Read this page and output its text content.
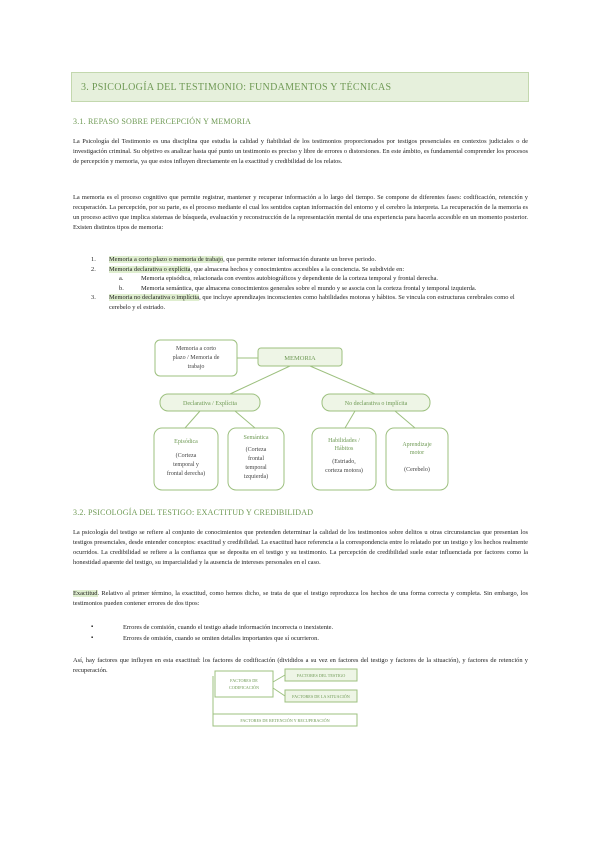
3. PSICOLOGÍA DEL TESTIMONIO: FUNDAMENTOS Y TÉCNICAS
3.1. REPASO SOBRE PERCEPCIÓN Y MEMORIA
La Psicología del Testimonio es una disciplina que estudia la calidad y fiabilidad de los testimonios proporcionados por testigos presenciales en contextos judiciales o de investigación criminal. Su objetivo es analizar hasta qué punto un testimonio es preciso y libre de errores o distorsiones. En este ámbito, es fundamental comprender los procesos de percepción y memoria, ya que estos influyen directamente en la exactitud y credibilidad de los relatos.
La memoria es el proceso cognitivo que permite registrar, mantener y recuperar información a lo largo del tiempo. Se compone de diferentes fases: codificación, retención y recuperación. La percepción, por su parte, es el proceso mediante el cual los sentidos captan información del entorno y el cerebro la interpreta. La recuperación de la memoria es un proceso activo que implica sistemas de búsqueda, evaluación y reconstrucción de la representación mental de una experiencia para hacerla accesible en un momento posterior. Existen distintos tipos de memoria:
1. Memoria a corto plazo o memoria de trabajo, que permite retener información durante un breve periodo.
2. Memoria declarativa o explícita, que almacena hechos y conocimientos accesibles a la conciencia. Se subdivide en:
a.	Memoria episódica, relacionada con eventos autobiográficos y dependiente de la corteza temporal y frontal derecha.
b.	Memoria semántica, que almacena conocimientos generales sobre el mundo y se asocia con la corteza frontal y temporal izquierda.
3. Memoria no declarativa o implícita, que incluye aprendizajes inconscientes como habilidades motoras y hábitos. Se vincula con estructuras cerebrales como el cerebelo y el estriado.
Memoria a corto
plazo / Memoria de
trabajo
MEMORIA
Declarativa / Explícita	No declarativa o implícita
Episódica
(Corteza
temporal y
frontal derecha)
Semántica
(Corteza
frontal
temporal
izquierda)
Habilidades /
Hábitos
(Estriado,
corteza motora)
Aprendizaje
motor
(Cerebelo)
3.2. PSICOLOGÍA DEL TESTIGO: EXACTITUD Y CREDIBILIDAD
La psicología del testigo se refiere al conjunto de conocimientos que pretenden determinar la calidad de los testimonios sobre delitos u otras circunstancias que presentan los testigos presenciales, desde entender conceptos: exactitud y credibilidad. La exactitud hace referencia a la correspondencia entre lo relatado por un testigo y los hechos realmente ocurridos. La credibilidad se refiere a la confianza que se deposita en el testigo y su testimonio. La percepción de credibilidad suele estar influenciada por factores como la honestidad aparente del testigo, su imparcialidad y la ausencia de intereses personales en el caso.
Exactitud. Relativo al primer término, la exactitud, como hemos dicho, se trata de que el testigo reproduzca los hechos de una forma correcta y completa. Sin embargo, los testimonios pueden contener errores de dos tipos:
▪	Errores de comisión, cuando el testigo añade información incorrecta o inexistente.
▪	Errores de omisión, cuando se omiten detalles importantes que sí ocurrieron.
Así, hay factores que influyen en esta exactitud: los factores de codificación (divididos a su vez en factores del testigo y factores de la situación), y factores de retención y recuperación.
FACTORES DE
CODIFICACIÓN
FACTORES DEL TESTIGO
FACTORES DE LA SITUACIÓN
FACTORES DE RETENCIÓN Y RECUPERACIÓN
